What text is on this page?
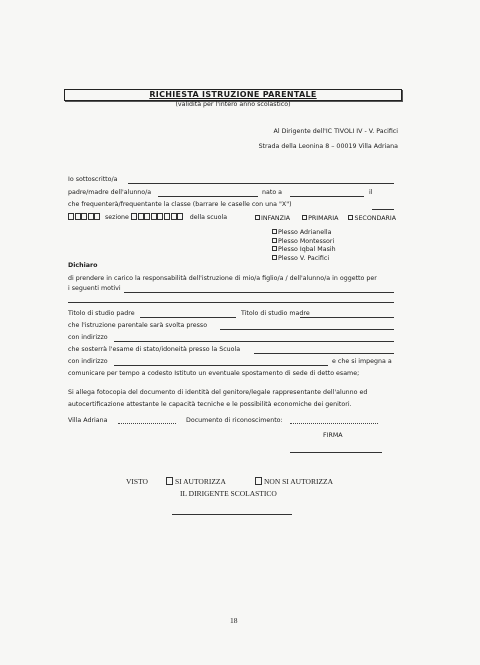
RICHIESTA ISTRUZIONE PARENTALE
(validità per l'intero anno scolastico)
Al Dirigente dell'IC TIVOLI IV - V. Pacifici
Strada della Leonina 8 – 00019 Villa Adriana
Io sottoscritto/a
padre/madre dell'alunno/a	nato a	il
che frequenterà/frequentante la classe (barrare le caselle con una "X")
sezione	della scuola	INFANZIA	PRIMARIA	SECONDARIA
Plesso Adrianella
Plesso Montessori
Plesso Iqbal Masih
Plesso V. Pacifici
Dichiaro
di prendere in carico la responsabilità dell'istruzione di mio/a figlio/a / dell'alunno/a in oggetto per
i seguenti motivi
Titolo di studio padre	Titolo di studio madre
che l'istruzione parentale sarà svolta presso
con indirizzo
che sosterrà l'esame di stato/idoneità presso la Scuola
con indirizzo	e che si impegna a
comunicare per tempo a codesto Istituto un eventuale spostamento di sede di detto esame;
Si allega fotocopia del documento di identità del genitore/legale rappresentante dell'alunno ed
autocertificazione attestante le capacità tecniche e le possibilità economiche dei genitori.
Villa Adriana	Documento di riconoscimento:
FIRMA
VISTO	SI AUTORIZZA	NON SI AUTORIZZA
IL DIRIGENTE SCOLASTICO
18
